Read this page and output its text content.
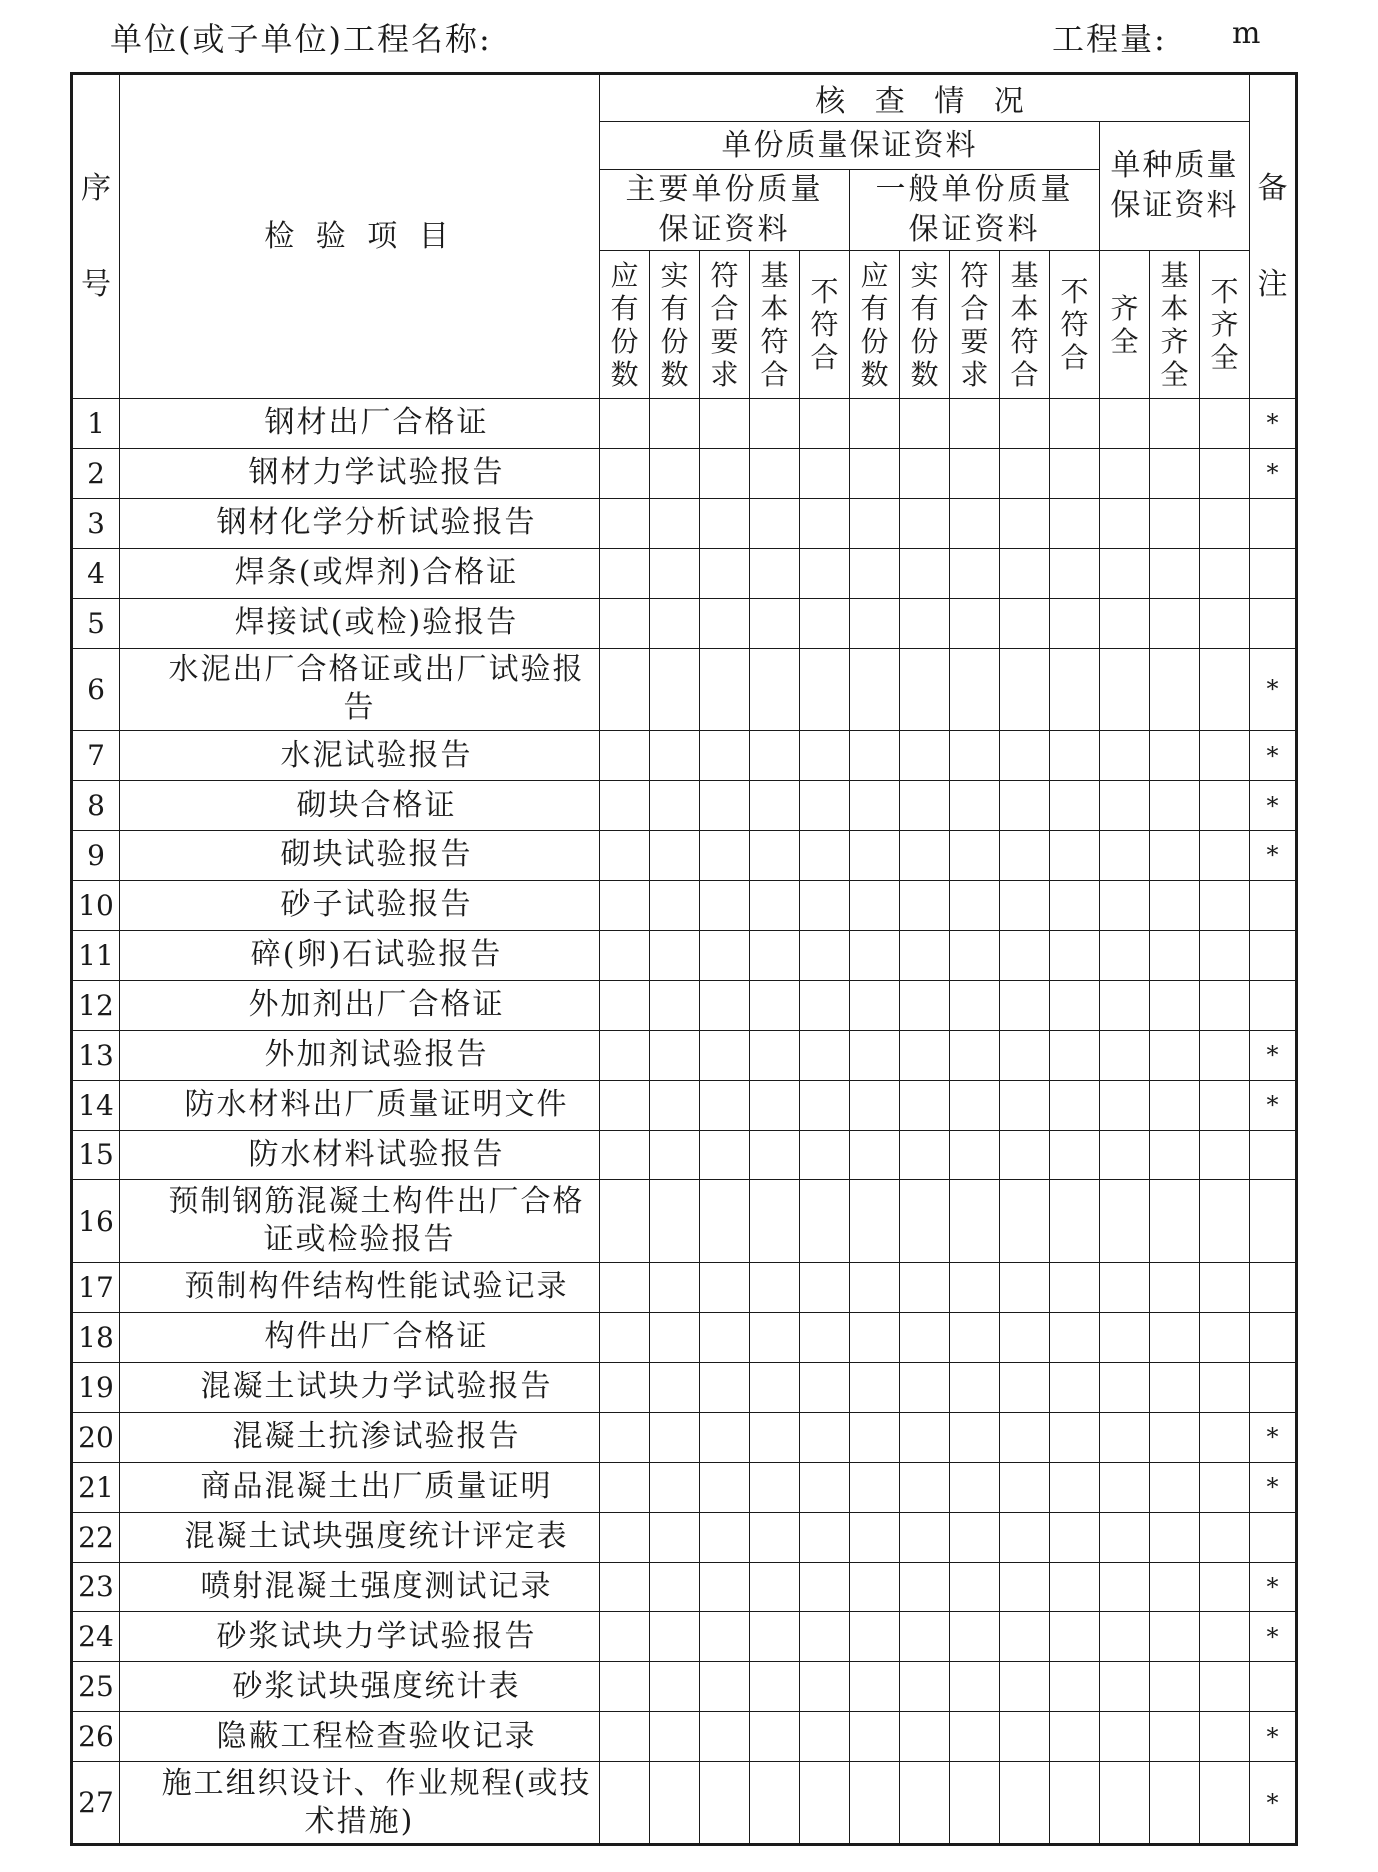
单位(或子单位)工程名称:	工程量: m
序
号	检 验 项 目	核 查 情 况													备
注

		单份质量保证资料										单种质量保证资料			
		主要单份质量保证资料					一般单份质量保证资料								
		应有份数	实有份数	符合要求	基本符合	不符合	应有份数	实有份数	符合要求	基本符合	不符合	齐全	基本齐全	不齐全	
1	钢材出厂合格证														*
2	钢材力学试验报告														*
3	钢材化学分析试验报告														

4	焊条(或焊剂)合格证														

5	焊接试(或检)验报告														

6	水泥出厂合格证或出厂试验报告														*
7	水泥试验报告														*
8	砌块合格证														*
9	砌块试验报告														*
10	砂子试验报告														

11	碎(卵)石试验报告														

12	外加剂出厂合格证														

13	外加剂试验报告														*
14	防水材料出厂质量证明文件														*
15	防水材料试验报告														

16	预制钢筋混凝土构件出厂合格证或检验报告														

17	预制构件结构性能试验记录														

18	构件出厂合格证														

19	混凝土试块力学试验报告														

20	混凝土抗渗试验报告														*
21	商品混凝土出厂质量证明														*
22	混凝土试块强度统计评定表														

23	喷射混凝土强度测试记录														*
24	砂浆试块力学试验报告														*
25	砂浆试块强度统计表														

26	隐蔽工程检查验收记录														*
27	施工组织设计、作业规程(或技术措施)														*
